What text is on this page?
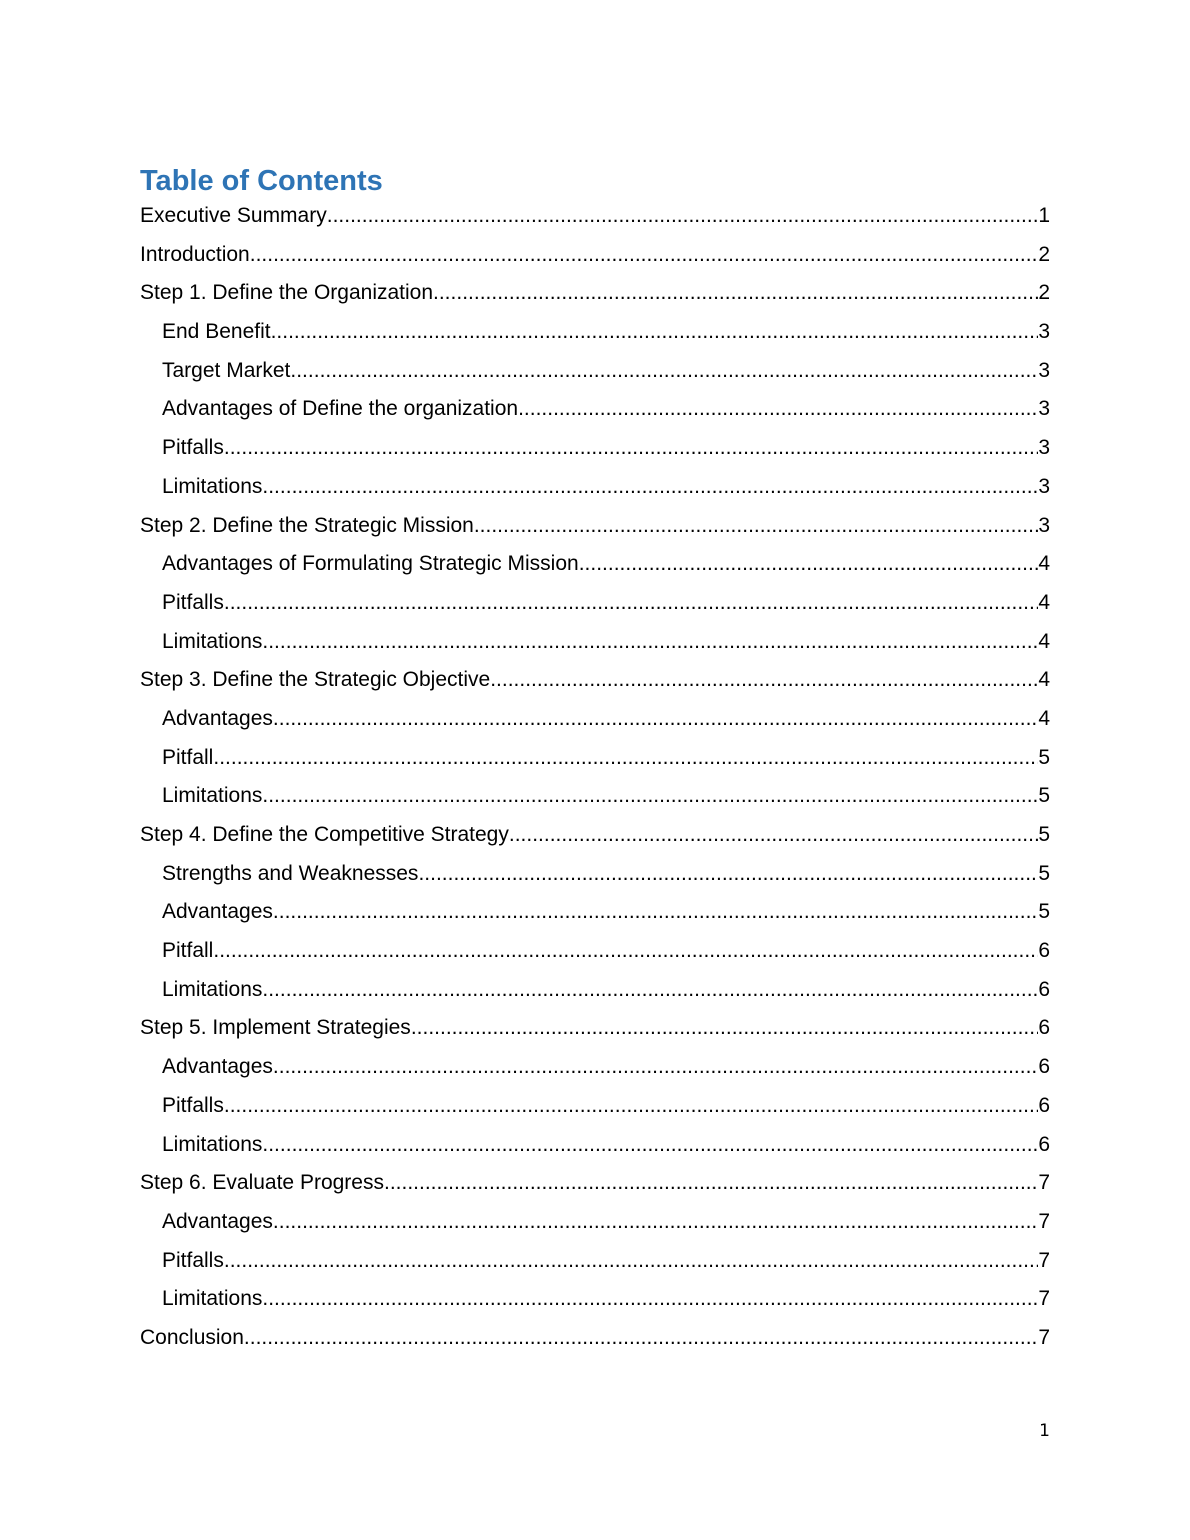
Table of Contents
Executive Summary .....	1
Introduction .....	2
Step 1. Define the Organization .....	2
End Benefit .....	3
Target Market .....	3
Advantages of Define the organization .....	3
Pitfalls .....	3
Limitations .....	3
Step 2. Define the Strategic Mission .....	3
Advantages of Formulating Strategic Mission .....	4
Pitfalls .....	4
Limitations .....	4
Step 3. Define the Strategic Objective .....	4
Advantages .....	4
Pitfall .....	5
Limitations .....	5
Step 4. Define the Competitive Strategy .....	5
Strengths and Weaknesses .....	5
Advantages .....	5
Pitfall .....	6
Limitations .....	6
Step 5. Implement Strategies .....	6
Advantages .....	6
Pitfalls .....	6
Limitations .....	6
Step 6. Evaluate Progress .....	7
Advantages .....	7
Pitfalls .....	7
Limitations .....	7
Conclusion .....	7
1
